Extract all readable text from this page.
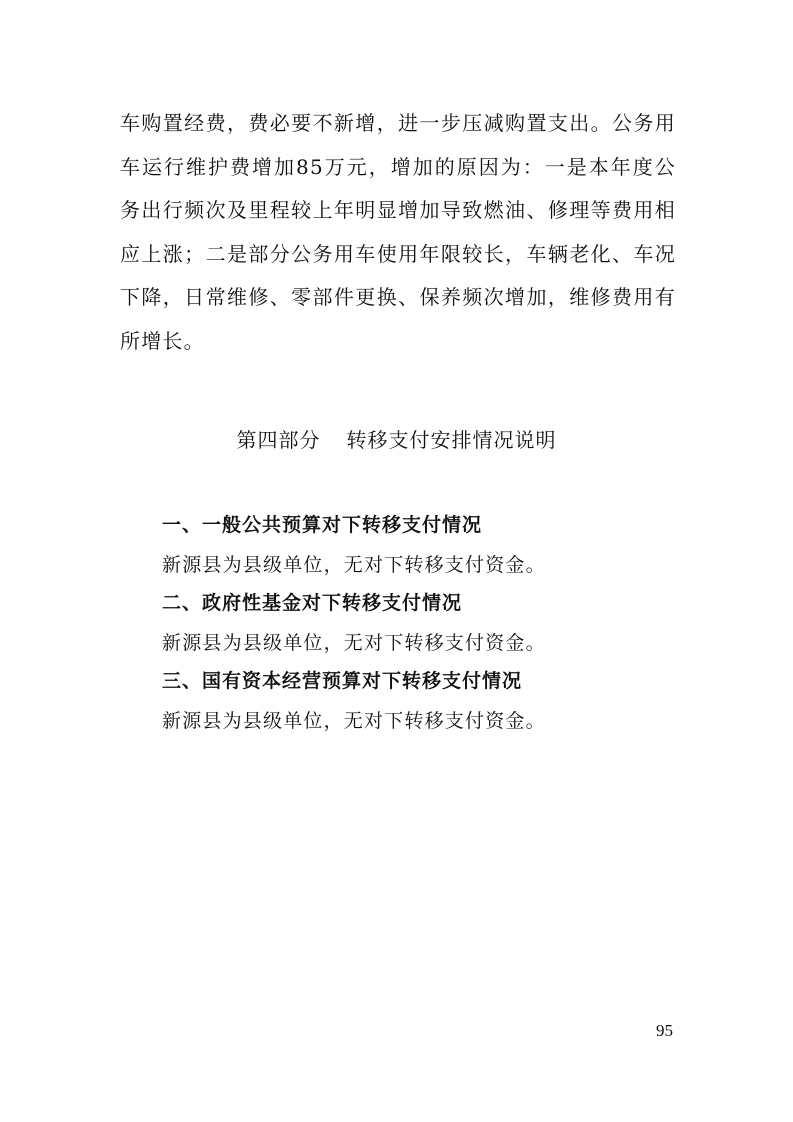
车购置经费，费必要不新增，进一步压减购置支出。公务用车运行维护费增加85万元，增加的原因为：一是本年度公务出行频次及里程较上年明显增加导致燃油、修理等费用相应上涨；二是部分公务用车使用年限较长，车辆老化、车况下降，日常维修、零部件更换、保养频次增加，维修费用有所增长。

第四部分 转移支付安排情况说明
一、一般公共预算对下转移支付情况

新源县为县级单位，无对下转移支付资金。

二、政府性基金对下转移支付情况

新源县为县级单位，无对下转移支付资金。

三、国有资本经营预算对下转移支付情况

新源县为县级单位，无对下转移支付资金。

95
